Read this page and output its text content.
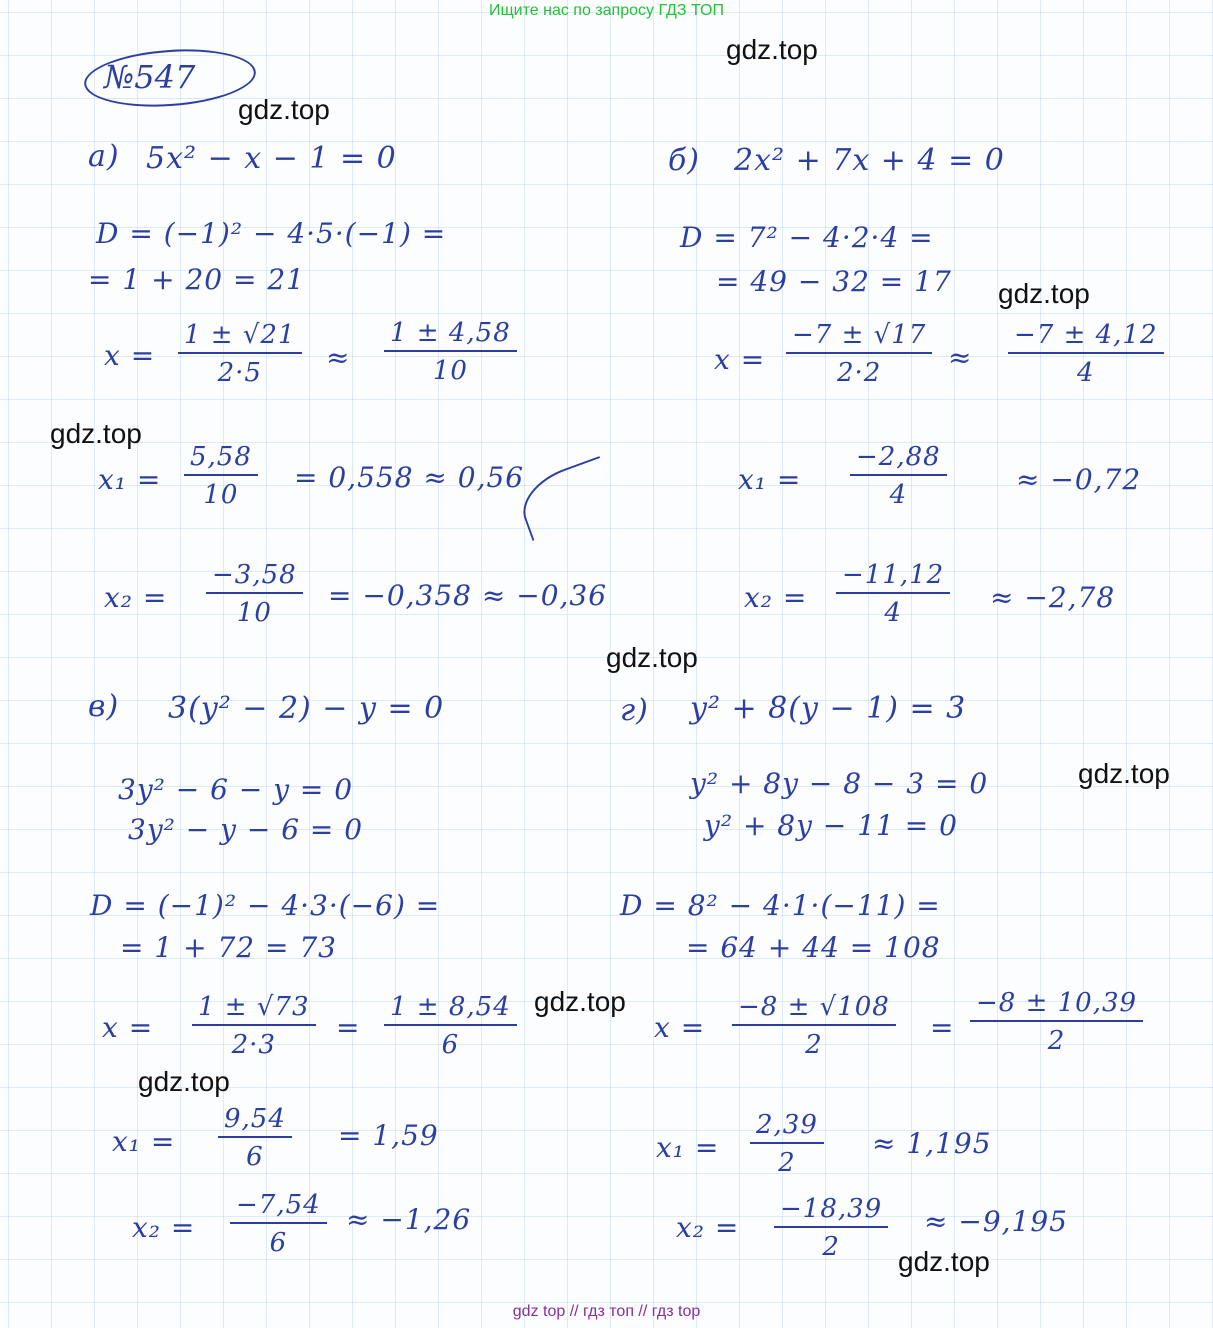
Ищите нас по запросу ГДЗ ТОП
gdz.top
gdz.top
gdz.top
gdz.top
gdz.top
gdz.top
gdz.top
gdz.top
gdz.top
№547
а) 5x² − x − 1 = 0
D = (−1)² − 4·5·(−1) =
= 1 + 20 = 21
$x = \frac{1 \pm √21}{2\cdot 5} \approx \frac{1 \pm 4,58}{10}$
$x_1 = \frac{5,58}{10} = 0,558 \approx 0,56$
$x_2 = \frac{-3,58}{10} = -0,358 \approx -0,36$
б) 2x² + 7x + 4 = 0
D = 7² − 4·2·4 =
= 49 − 32 = 17
$x = \frac{-7 \pm √17}{2\cdot 2} \approx \frac{-7 \pm 4,12}{4}$
$x_1 = \frac{-2,88}{4} \approx -0,72$
$x_2 = \frac{-11,12}{4} \approx -2,78$
в) 3(y² − 2) − y = 0
3y² − 6 − y = 0
3y² − y − 6 = 0
D = (−1)² − 4·3·(−6) =
= 1 + 72 = 73
$x = \frac{1 \pm √73}{2\cdot 3} = \frac{1 \pm 8,54}{6}$
$x_1 = \frac{9,54}{6} = 1,59$
$x_2 = \frac{-7,54}{6} \approx -1,26$
г) y² + 8(y − 1) = 3
y² + 8y − 8 − 3 = 0
y² + 8y − 11 = 0
D = 8² − 4·1·(−11) =
= 64 + 44 = 108
$x = \frac{-8 \pm √108}{2} = \frac{-8 \pm 10,39}{2}$
$x_1 = \frac{2,39}{2} \approx 1,195$
$x_2 = \frac{-18,39}{2} \approx -9,195$
gdz top // гдз топ // гдз top
